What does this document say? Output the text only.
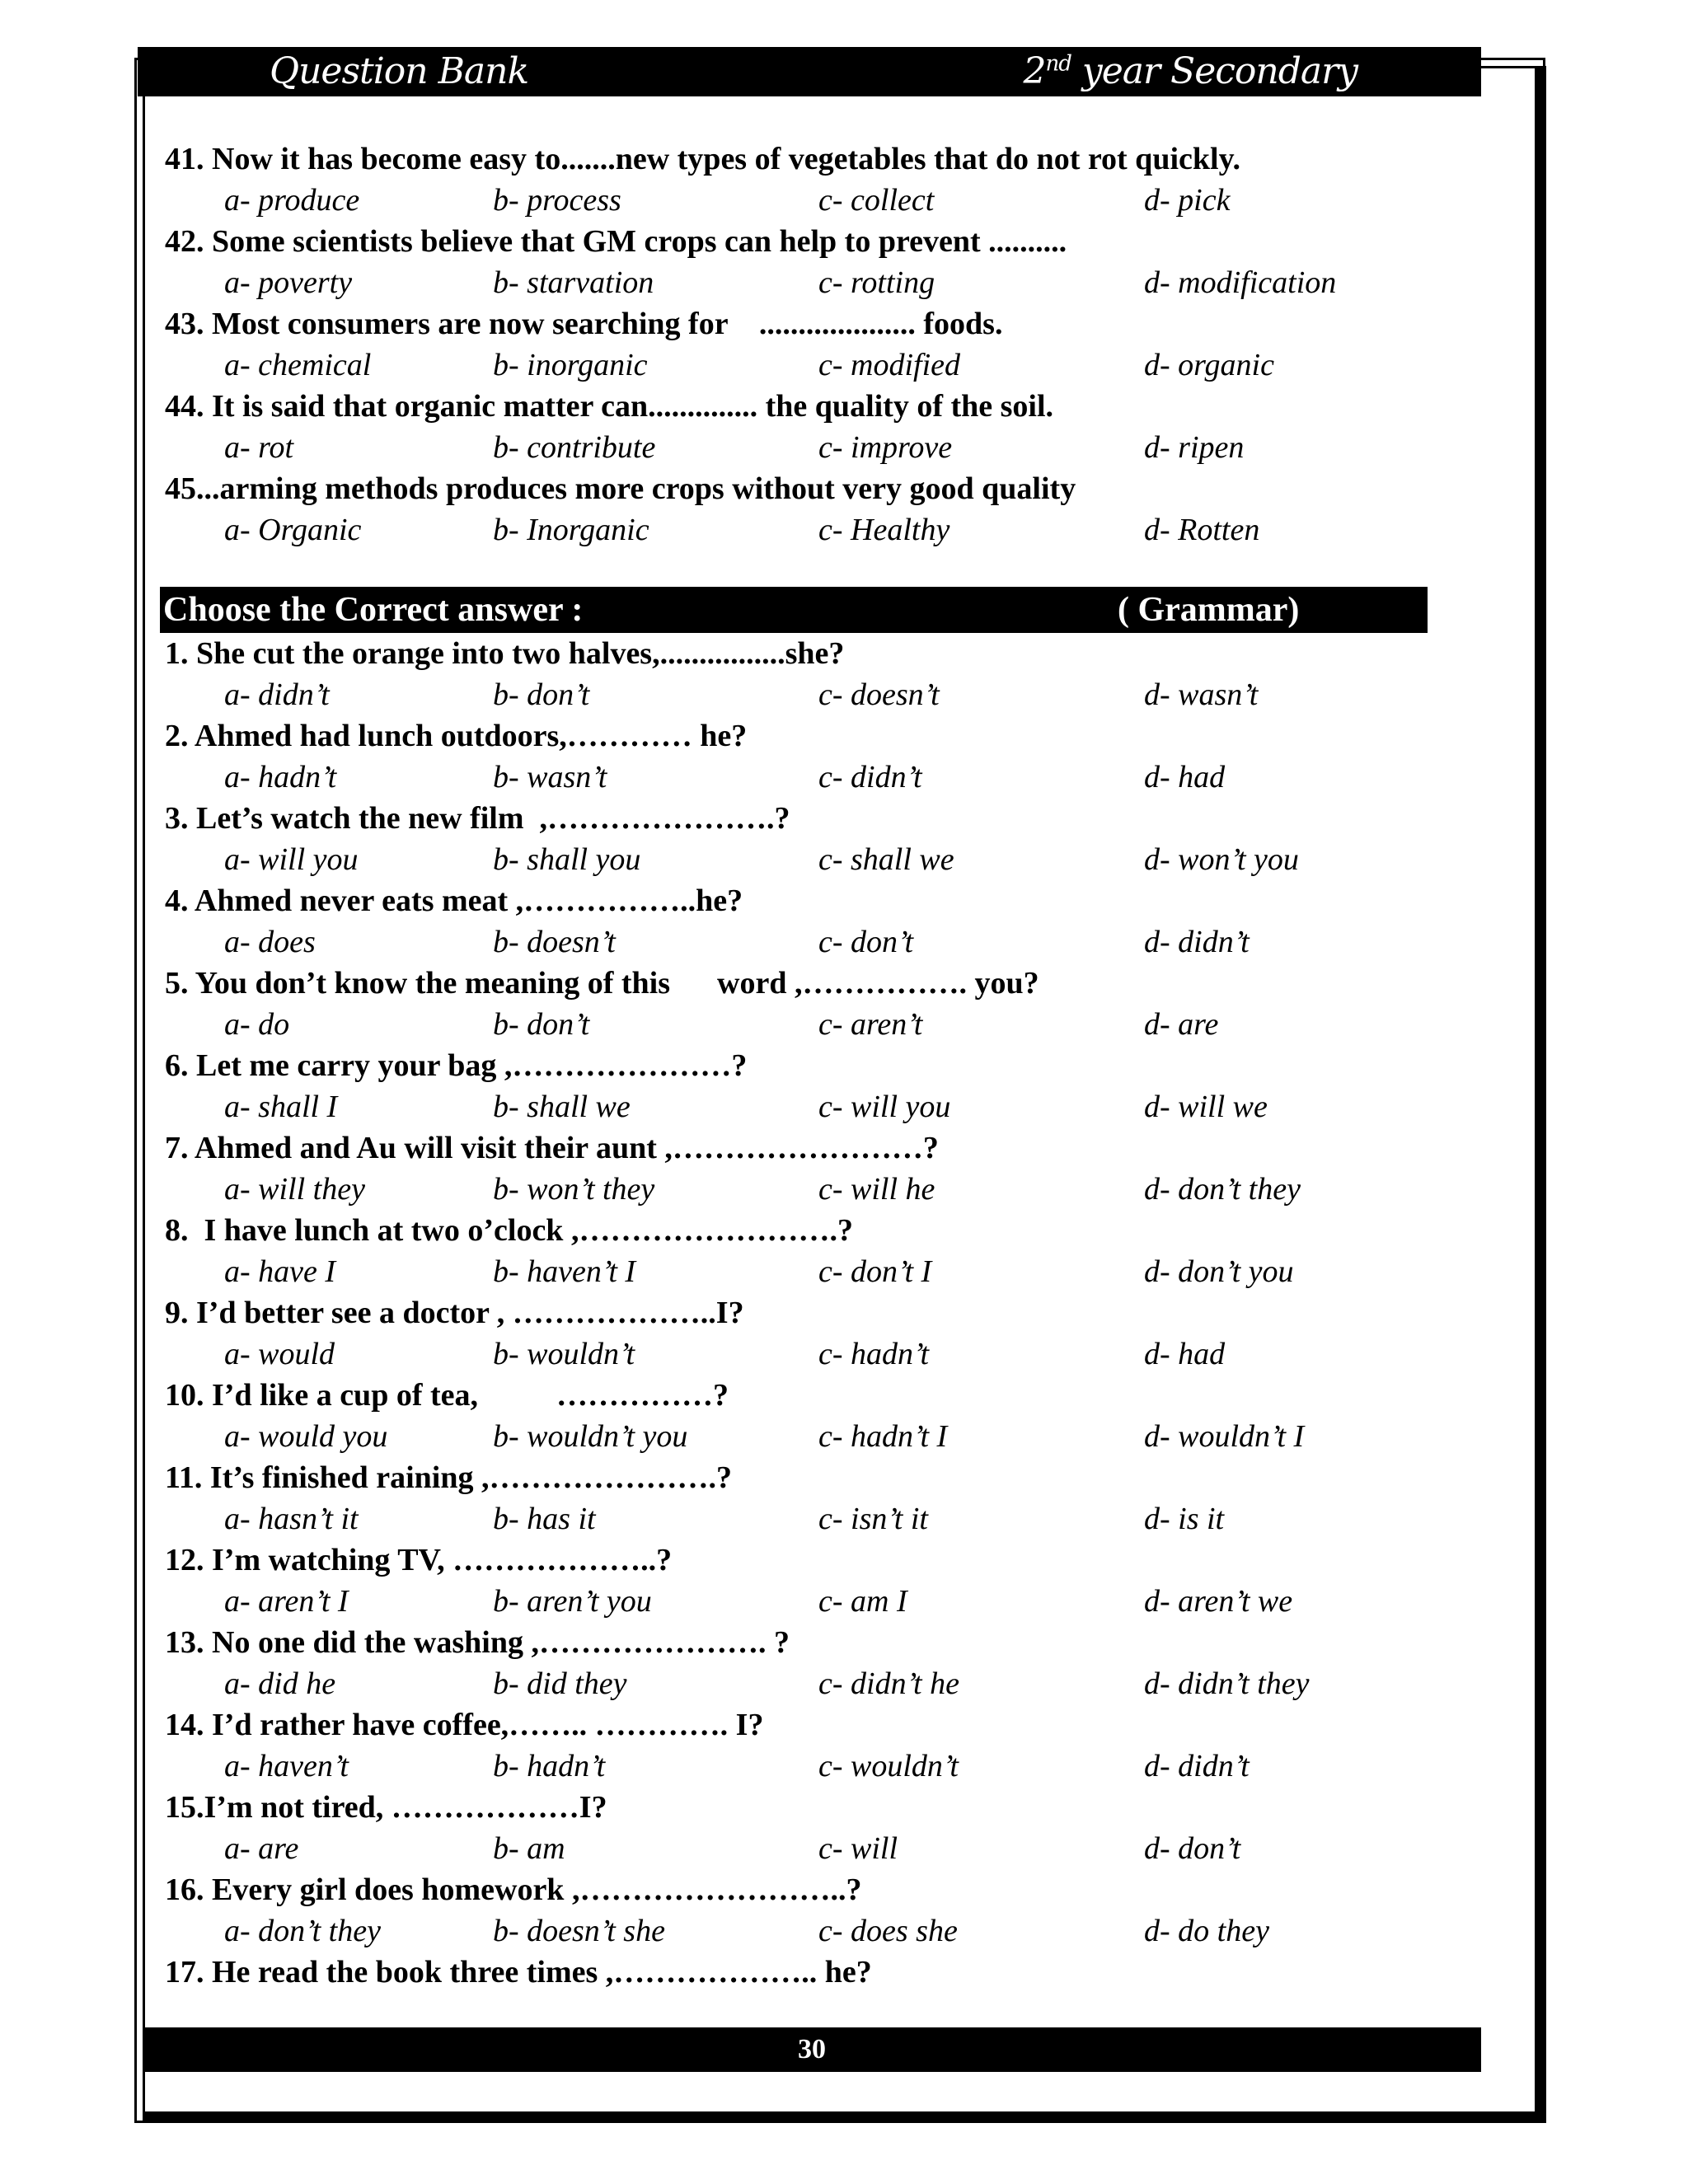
Question Bank	2nd year Secondary
41. Now it has become easy to.......new types of vegetables that do not rot quickly.
a- produce	b- process	c- collect	d- pick
42. Some scientists believe that GM crops can help to prevent ..........
a- poverty	b- starvation	c- rotting	d- modification
43. Most consumers are now searching for    .................... foods.
a- chemical	b- inorganic	c- modified	d- organic
44. It is said that organic matter can.............. the quality of the soil.
a- rot	b- contribute	c- improve	d- ripen
45...arming methods produces more crops without very good quality
a- Organic	b- Inorganic	c- Healthy	d- Rotten
Choose the Correct answer :	( Grammar)
1. She cut the orange into two halves,................she?
a- didn’t	b- don’t	c- doesn’t	d- wasn’t
2. Ahmed had lunch outdoors,………… he?
a- hadn’t	b- wasn’t	c- didn’t	d- had
3. Let’s watch the new film  ,………………….?
a- will you	b- shall you	c- shall we	d- won’t you
4. Ahmed never eats meat ,……………..he?
a- does	b- doesn’t	c- don’t	d- didn’t
5. You don’t know the meaning of this      word ,……………. you?
a- do	b- don’t	c- aren’t	d- are
6. Let me carry your bag ,…………………?
a- shall I	b- shall we	c- will you	d- will we
7. Ahmed and Au will visit their aunt ,……………………?
a- will they	b- won’t they	c- will he	d- don’t they
8.  I have lunch at two o’clock ,…………………….?
a- have I	b- haven’t I	c- don’t I	d- don’t you
9. I’d better see a doctor , ………………..I?
a- would	b- wouldn’t	c- hadn’t	d- had
10. I’d like a cup of tea,          ……………?
a- would you	b- wouldn’t you	c- hadn’t I	d- wouldn’t I
11. It’s finished raining ,………………….?
a- hasn’t it	b- has it	c- isn’t it	d- is it
12. I’m watching TV, ………………..?
a- aren’t I	b- aren’t you	c- am I	d- aren’t we
13. No one did the washing ,…………………. ?
a- did he	b- did they	c- didn’t he	d- didn’t they
14. I’d rather have coffee,…….. …………. I?
a- haven’t	b- hadn’t	c- wouldn’t	d- didn’t
15.I’m not tired, ………………I?
a- are	b- am	c- will	d- don’t
16. Every girl does homework ,……………………..?
a- don’t they	b- doesn’t she	c- does she	d- do they
17. He read the book three times ,……………….. he?
30
